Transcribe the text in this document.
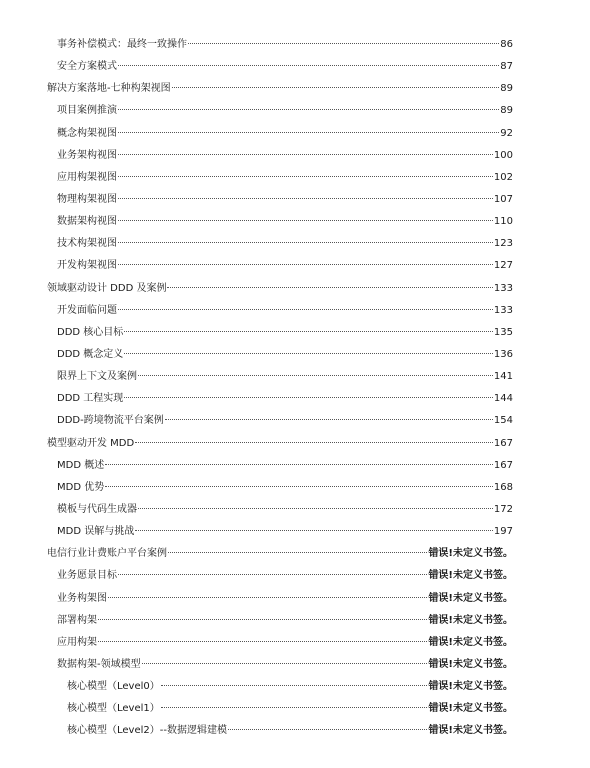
事务补偿模式：最终一致操作	86
安全方案模式	87
解决方案落地-七种构架视图	89
项目案例推演	89
概念构架视图	92
业务架构视图	100
应用构架视图	102
物理构架视图	107
数据架构视图	110
技术构架视图	123
开发构架视图	127
领域驱动设计 DDD 及案例	133
开发面临问题	133
DDD 核心目标	135
DDD 概念定义	136
限界上下文及案例	141
DDD 工程实现	144
DDD-跨境物流平台案例	154
模型驱动开发 MDD	167
MDD 概述	167
MDD 优势	168
模板与代码生成器	172
MDD 误解与挑战	197
电信行业计费账户平台案例	错误!未定义书签。
业务愿景目标	错误!未定义书签。
业务构架图	错误!未定义书签。
部署构架	错误!未定义书签。
应用构架	错误!未定义书签。
数据构架-领域模型	错误!未定义书签。
核心模型（Level0）	错误!未定义书签。
核心模型（Level1）	错误!未定义书签。
核心模型（Level2）--数据逻辑建模	错误!未定义书签。
